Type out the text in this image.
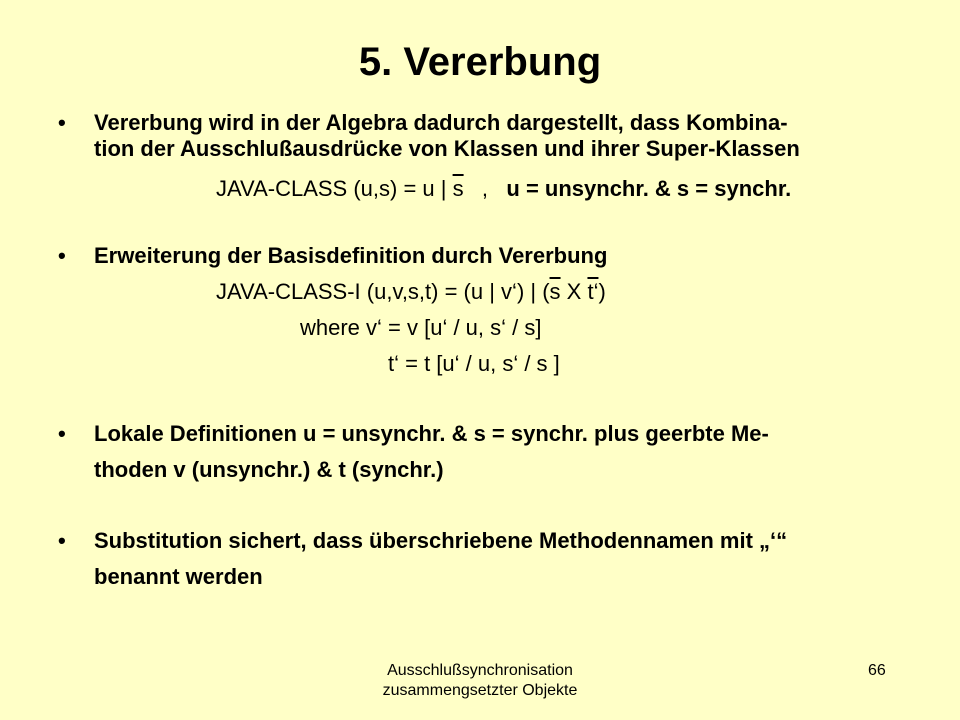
5. Vererbung
• Vererbung wird in der Algebra dadurch dargestellt, dass Kombina-
tion der Ausschlußausdrücke von Klassen und ihrer Super-Klassen
JAVA-CLASS (u,s) = u | $\overline{s}$   ,   u = unsynchr. & s = synchr.
• Erweiterung der Basisdefinition durch Vererbung
JAVA-CLASS-I (u,v,s,t) = (u | v‘) | ($\overline{s}$ X t‘)
where v‘ = v [u‘ / u, s‘ / s]
t‘ = t [u‘ / u, s‘ / s ]
• Lokale Definitionen u = unsynchr. & s = synchr. plus geerbte Me-
thoden v (unsynchr.) & t (synchr.)
• Substitution sichert, dass überschriebene Methodennamen mit „‘“
benannt werden
Ausschlußsynchronisation
zusammengsetzter Objekte
66
